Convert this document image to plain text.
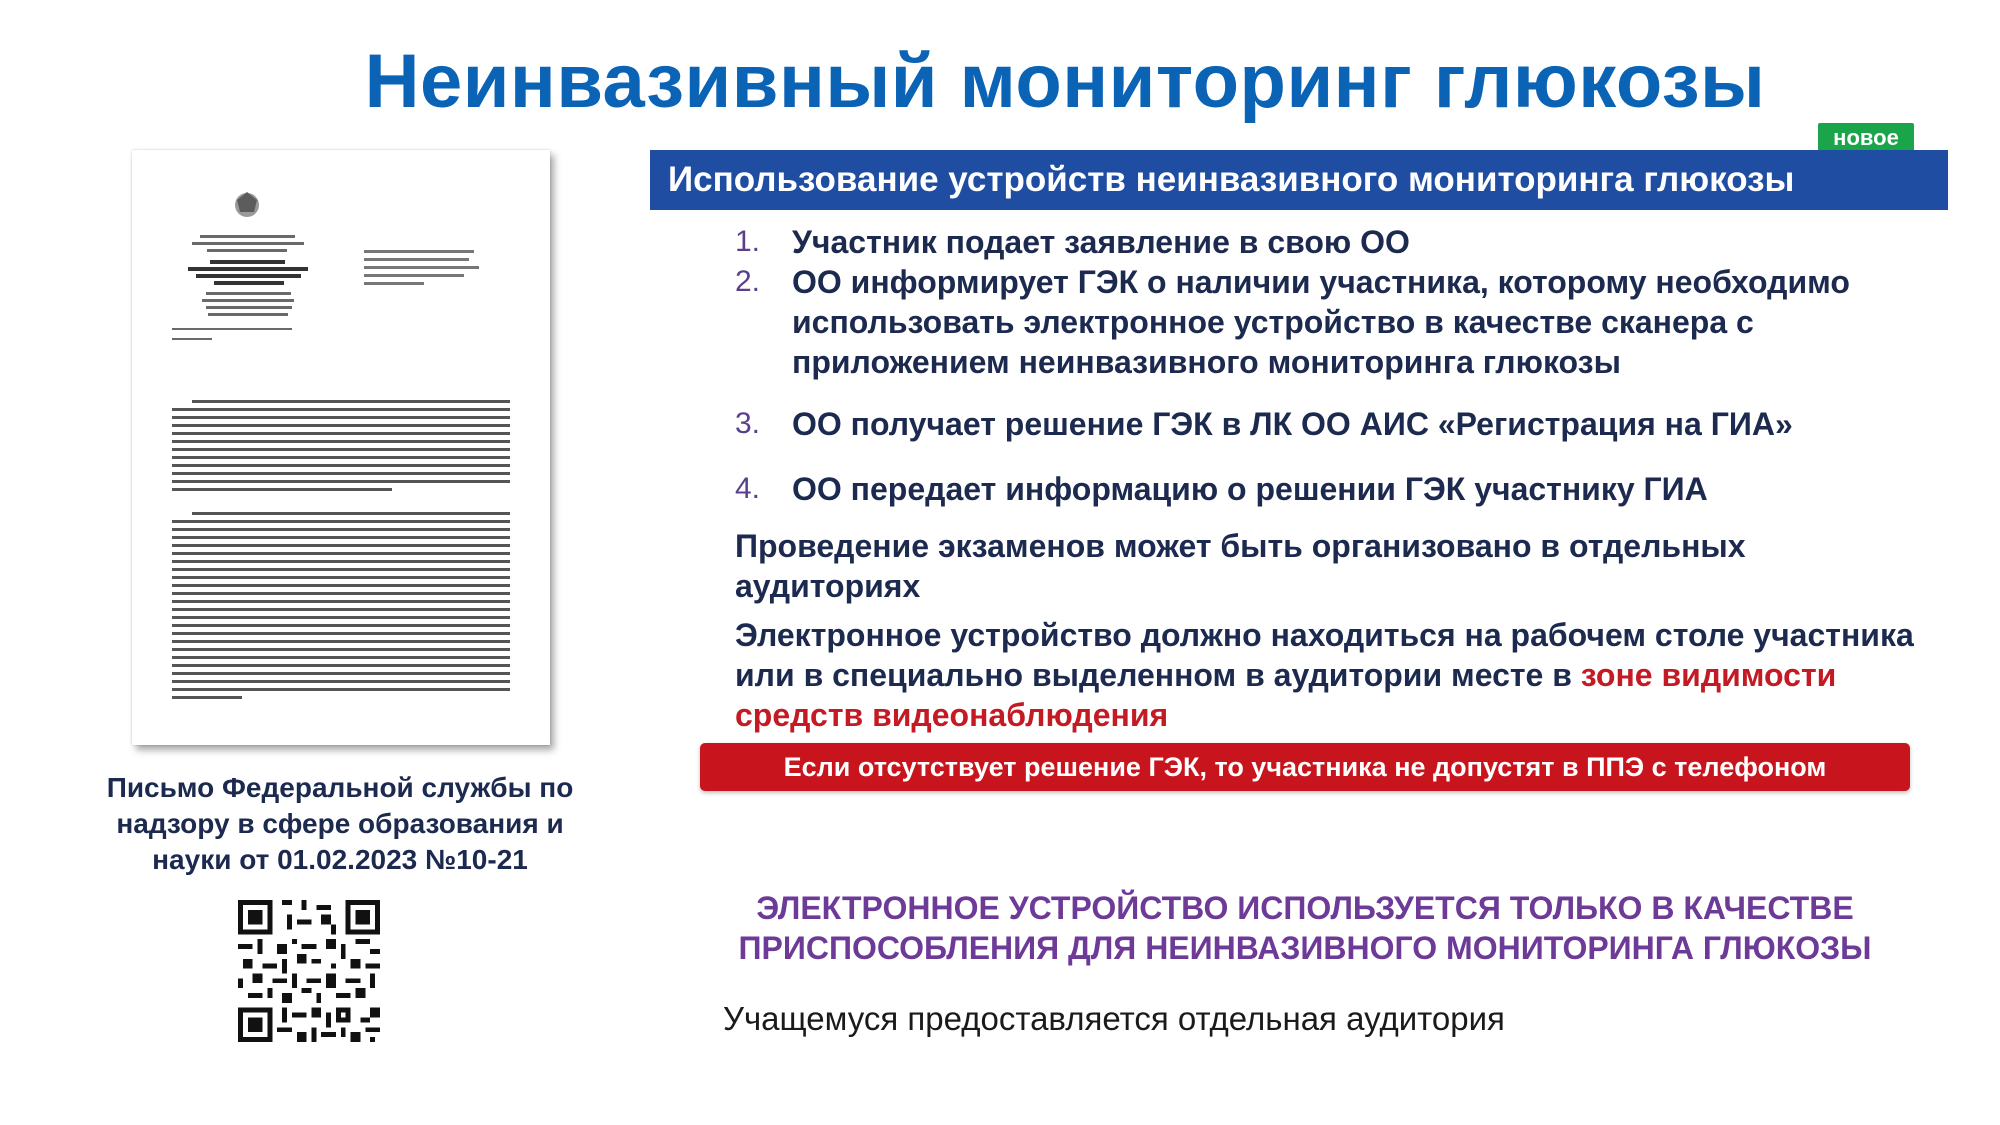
Неинвазивный мониторинг глюкозы
Письмо Федеральной службы по надзору в сфере образования и науки от 01.02.2023 №10-21
новое
Использование устройств неинвазивного мониторинга глюкозы
1. Участник подает заявление в свою ОО
2. ОО информирует ГЭК о наличии участника, которому необходимо использовать электронное устройство в качестве сканера с приложением неинвазивного мониторинга глюкозы
3. ОО получает решение ГЭК в ЛК ОО АИС «Регистрация на ГИА»
4. ОО передает информацию о решении ГЭК участнику ГИА
Проведение экзаменов может быть организовано в отдельных аудиториях
Электронное устройство должно находиться на рабочем столе участника или в специально выделенном в аудитории месте в зоне видимости средств видеонаблюдения
Если отсутствует решение ГЭК, то участника не допустят в ППЭ с телефоном
ЭЛЕКТРОННОЕ УСТРОЙСТВО ИСПОЛЬЗУЕТСЯ ТОЛЬКО В КАЧЕСТВЕ ПРИСПОСОБЛЕНИЯ ДЛЯ НЕИНВАЗИВНОГО МОНИТОРИНГА ГЛЮКОЗЫ
Учащемуся предоставляется отдельная аудитория
